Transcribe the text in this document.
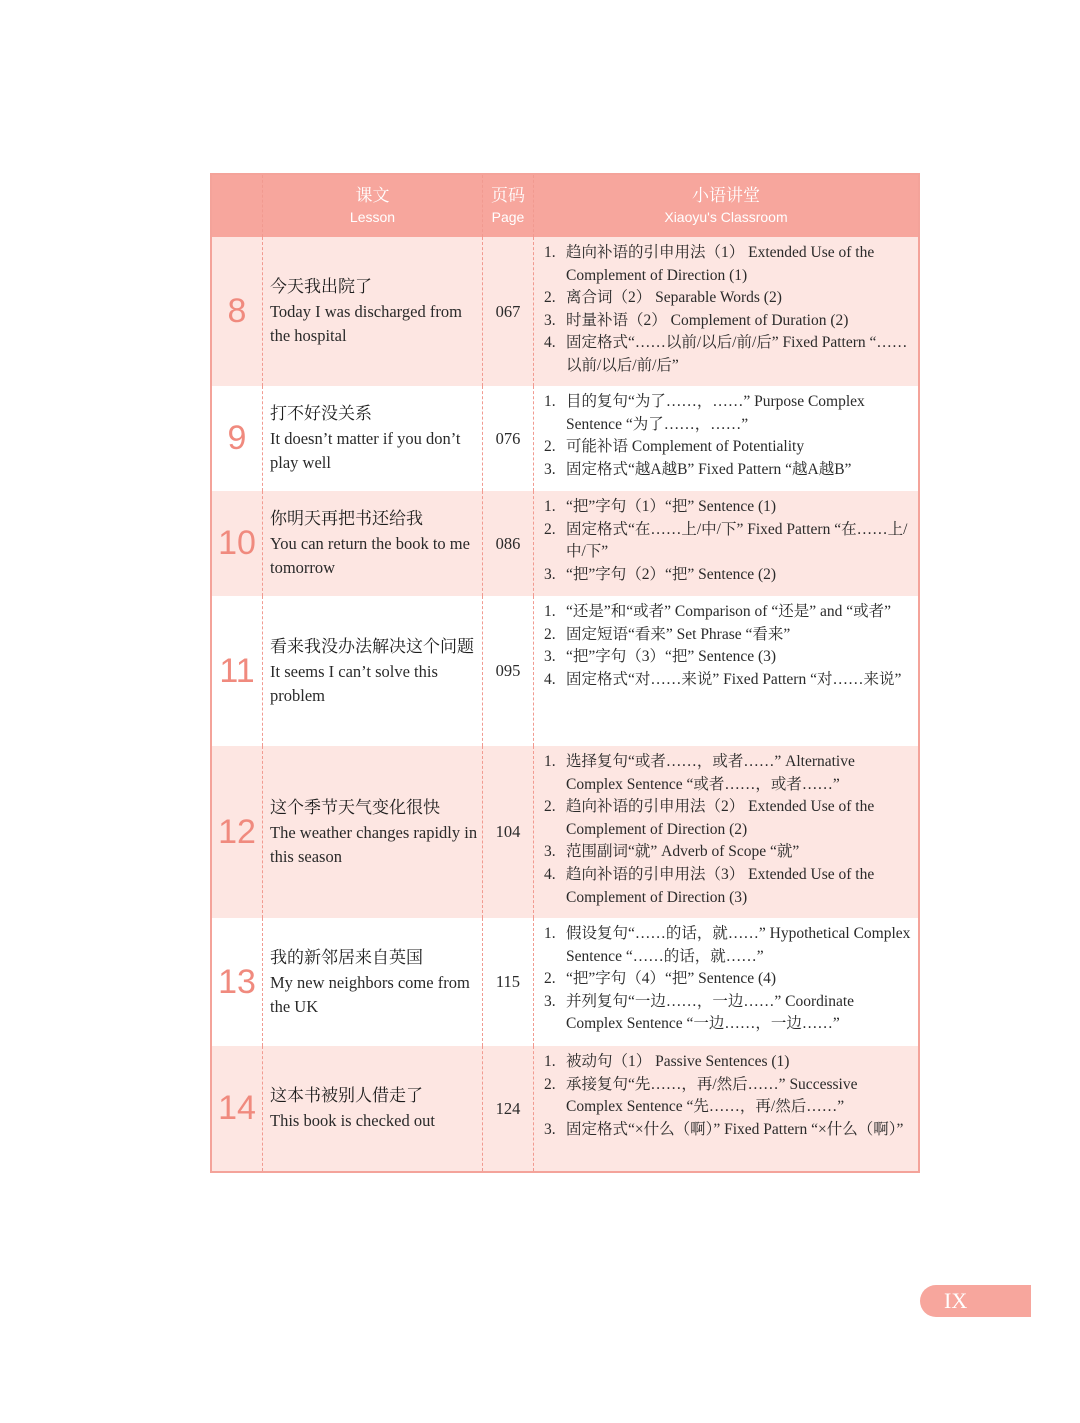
课文
Lesson
页码
Page
小语讲堂
Xiaoyu's Classroom
8
今天我出院了
Today I was discharged from the hospital
067
1. 趋向补语的引申用法（1） Extended Use of the Complement of Direction (1)
2. 离合词（2） Separable Words (2)
3. 时量补语（2） Complement of Duration (2)
4. 固定格式“……以前/以后/前/后” Fixed Pattern “……以前/以后/前/后”
9
打不好没关系
It doesn’t matter if you don’t play well
076
1. 目的复句“为了……，……” Purpose Complex Sentence “为了……，……”
2. 可能补语 Complement of Potentiality
3. 固定格式“越A越B” Fixed Pattern “越A越B”
10
你明天再把书还给我
You can return the book to me tomorrow
086
1. “把”字句（1）“把” Sentence (1)
2. 固定格式“在……上/中/下” Fixed Pattern “在……上/中/下”
3. “把”字句（2）“把” Sentence (2)
11
看来我没办法解决这个问题
It seems I can’t solve this problem
095
1. “还是”和“或者” Comparison of “还是” and “或者”
2. 固定短语“看来” Set Phrase “看来”
3. “把”字句（3）“把” Sentence (3)
4. 固定格式“对……来说” Fixed Pattern “对……来说”
12
这个季节天气变化很快
The weather changes rapidly in this season
104
1. 选择复句“或者……，或者……” Alternative Complex Sentence “或者……，或者……”
2. 趋向补语的引申用法（2） Extended Use of the Complement of Direction (2)
3. 范围副词“就” Adverb of Scope “就”
4. 趋向补语的引申用法（3） Extended Use of the Complement of Direction (3)
13
我的新邻居来自英国
My new neighbors come from the UK
115
1. 假设复句“……的话，就……” Hypothetical Complex Sentence “……的话，就……”
2. “把”字句（4）“把” Sentence (4)
3. 并列复句“一边……，一边……” Coordinate Complex Sentence “一边……，一边……”
14 这本书被别人借走了
This book is checked out
124
1. 被动句（1） Passive Sentences (1)
2. 承接复句“先……，再/然后……” Successive Complex Sentence “先……，再/然后……”
3. 固定格式“×什么（啊）” Fixed Pattern “×什么（啊）”
IX
